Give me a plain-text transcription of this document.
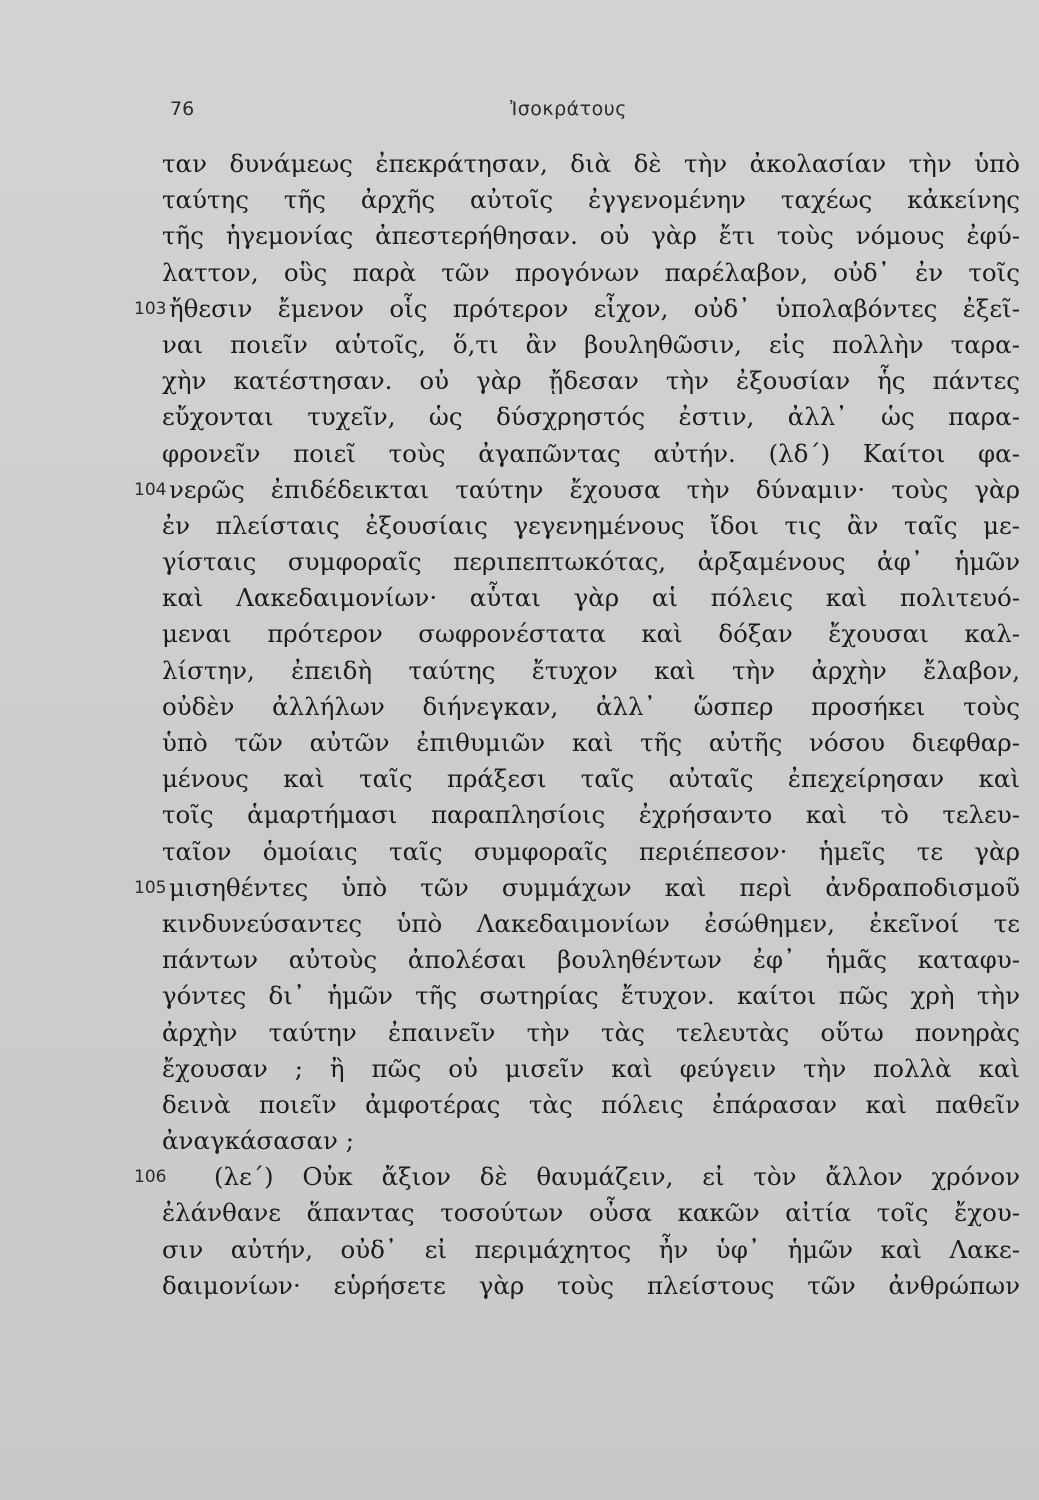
76	Ἰσοκράτους
ταν δυνάμεως ἐπεκράτησαν, διὰ δὲ τὴν ἀκολασίαν τὴν ὑπὸ
ταύτης τῆς ἀρχῆς αὐτοῖς ἐγγενομένην ταχέως κἀκείνης
τῆς ἡγεμονίας ἀπεστερήθησαν. οὐ γὰρ ἔτι τοὺς νόμους ἐφύ-
λαττον, οὓς παρὰ τῶν προγόνων παρέλαβον, οὐδ᾽ ἐν τοῖς
103 ἤθεσιν ἔμενον οἷς πρότερον εἶχον, οὐδ᾽ ὑπολαβόντες ἐξεῖ-
ναι ποιεῖν αὑτοῖς, ὅ,τι ἂν βουληθῶσιν, εἰς πολλὴν ταρα-
χὴν κατέστησαν. οὐ γὰρ ᾔδεσαν τὴν ἐξουσίαν ἧς πάντες
εὔχονται τυχεῖν, ὡς δύσχρηστός ἐστιν, ἀλλ᾽ ὡς παρα-
φρονεῖν ποιεῖ τοὺς ἀγαπῶντας αὐτήν. (λδ΄) Καίτοι φα-
104 νερῶς ἐπιδέδεικται ταύτην ἔχουσα τὴν δύναμιν· τοὺς γὰρ
ἐν πλείσταις ἐξουσίαις γεγενημένους ἴδοι τις ἂν ταῖς με-
γίσταις συμφοραῖς περιπεπτωκότας, ἀρξαμένους ἀφ᾽ ἡμῶν
καὶ Λακεδαιμονίων· αὗται γὰρ αἱ πόλεις καὶ πολιτευό-
μεναι πρότερον σωφρονέστατα καὶ δόξαν ἔχουσαι καλ-
λίστην, ἐπειδὴ ταύτης ἔτυχον καὶ τὴν ἀρχὴν ἔλαβον,
οὐδὲν ἀλλήλων διήνεγκαν, ἀλλ᾽ ὥσπερ προσήκει τοὺς
ὑπὸ τῶν αὐτῶν ἐπιθυμιῶν καὶ τῆς αὐτῆς νόσου διεφθαρ-
μένους καὶ ταῖς πράξεσι ταῖς αὐταῖς ἐπεχείρησαν καὶ
τοῖς ἁμαρτήμασι παραπλησίοις ἐχρήσαντο καὶ τὸ τελευ-
ταῖον ὁμοίαις ταῖς συμφοραῖς περιέπεσον· ἡμεῖς τε γὰρ
105 μισηθέντες ὑπὸ τῶν συμμάχων καὶ περὶ ἀνδραποδισμοῦ
κινδυνεύσαντες ὑπὸ Λακεδαιμονίων ἐσώθημεν, ἐκεῖνοί τε
πάντων αὐτοὺς ἀπολέσαι βουληθέντων ἐφ᾽ ἡμᾶς καταφυ-
γόντες δι᾽ ἡμῶν τῆς σωτηρίας ἔτυχον. καίτοι πῶς χρὴ τὴν
ἀρχὴν ταύτην ἐπαινεῖν τὴν τὰς τελευτὰς οὕτω πονηρὰς
ἔχουσαν ; ἢ πῶς οὐ μισεῖν καὶ φεύγειν τὴν πολλὰ καὶ
δεινὰ ποιεῖν ἀμφοτέρας τὰς πόλεις ἐπάρασαν καὶ παθεῖν
ἀναγκάσασαν ;
106 (λε΄) Οὐκ ἄξιον δὲ θαυμάζειν, εἰ τὸν ἄλλον χρόνον
ἐλάνθανε ἅπαντας τοσούτων οὖσα κακῶν αἰτία τοῖς ἔχου-
σιν αὐτήν, οὐδ᾽ εἰ περιμάχητος ἦν ὑφ᾽ ἡμῶν καὶ Λακε-
δαιμονίων· εὑρήσετε γὰρ τοὺς πλείστους τῶν ἀνθρώπων
